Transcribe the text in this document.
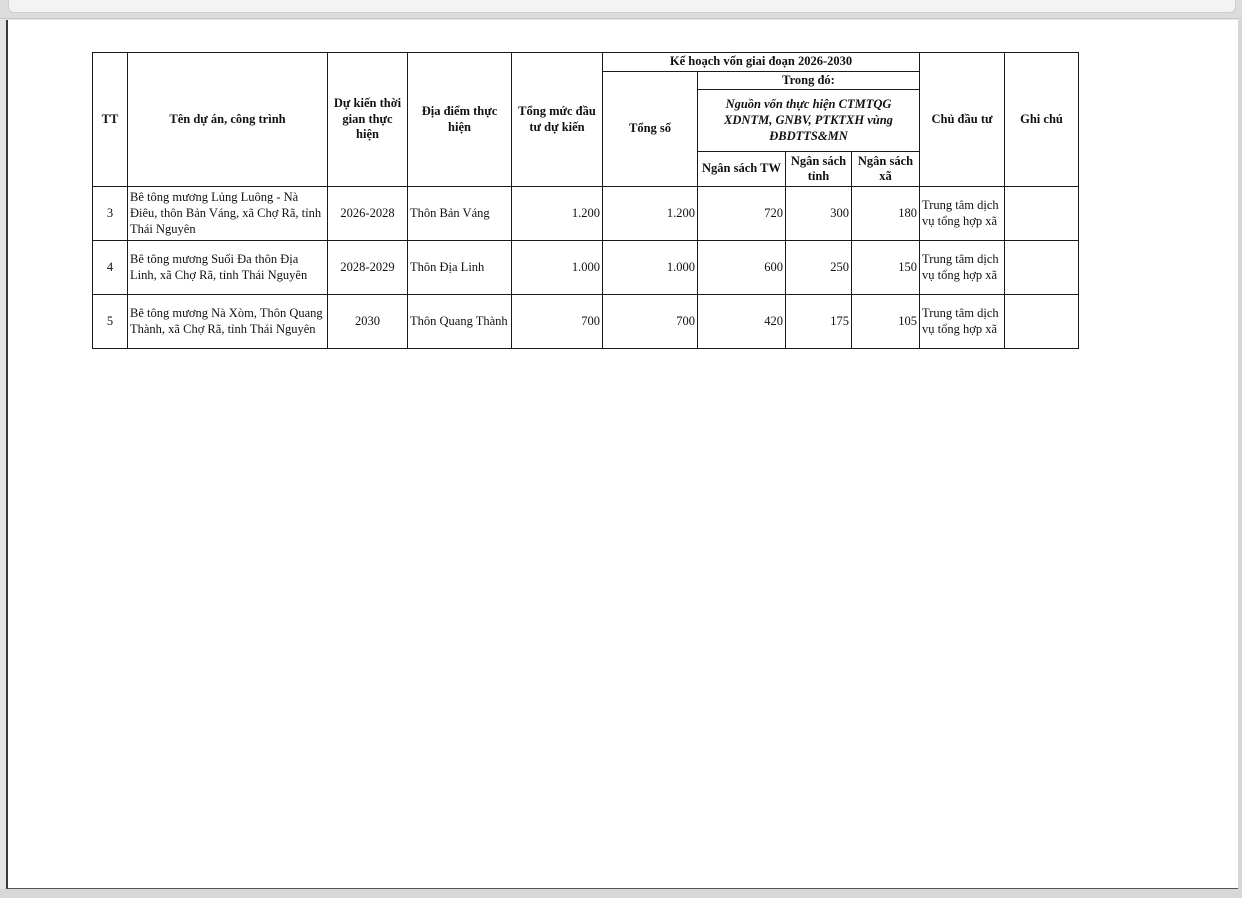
TT	Tên dự án, công trình	Dự kiến thời gian thực hiện	Địa điểm thực hiện	Tổng mức đầu tư dự kiến	Kế hoạch vốn giai đoạn 2026-2030				Chủ đầu tư	Ghi chú
					Tổng số	Trong đó:				
						Nguồn vốn thực hiện CTMTQG XDNTM, GNBV, PTKTXH vùng ĐBDTTS&MN				
						Ngân sách TW	Ngân sách tỉnh	Ngân sách xã		
3	Bê tông mương Lủng Luông - Nà Điêu, thôn Bản Váng, xã Chợ Rã, tỉnh Thái Nguyên	2026-2028	Thôn Bản Váng	1.200	1.200	720	300	180	Trung tâm dịch vụ tổng hợp xã	
4	Bê tông mương Suối Đa thôn Địa Linh, xã Chợ Rã, tỉnh Thái Nguyên	2028-2029	Thôn Địa Linh	1.000	1.000	600	250	150	Trung tâm dịch vụ tổng hợp xã	
5	Bê tông mương Nà Xòm, Thôn Quang Thành, xã Chợ Rã, tỉnh Thái Nguyên	2030	Thôn Quang Thành	700	700	420	175	105	Trung tâm dịch vụ tổng hợp xã	
